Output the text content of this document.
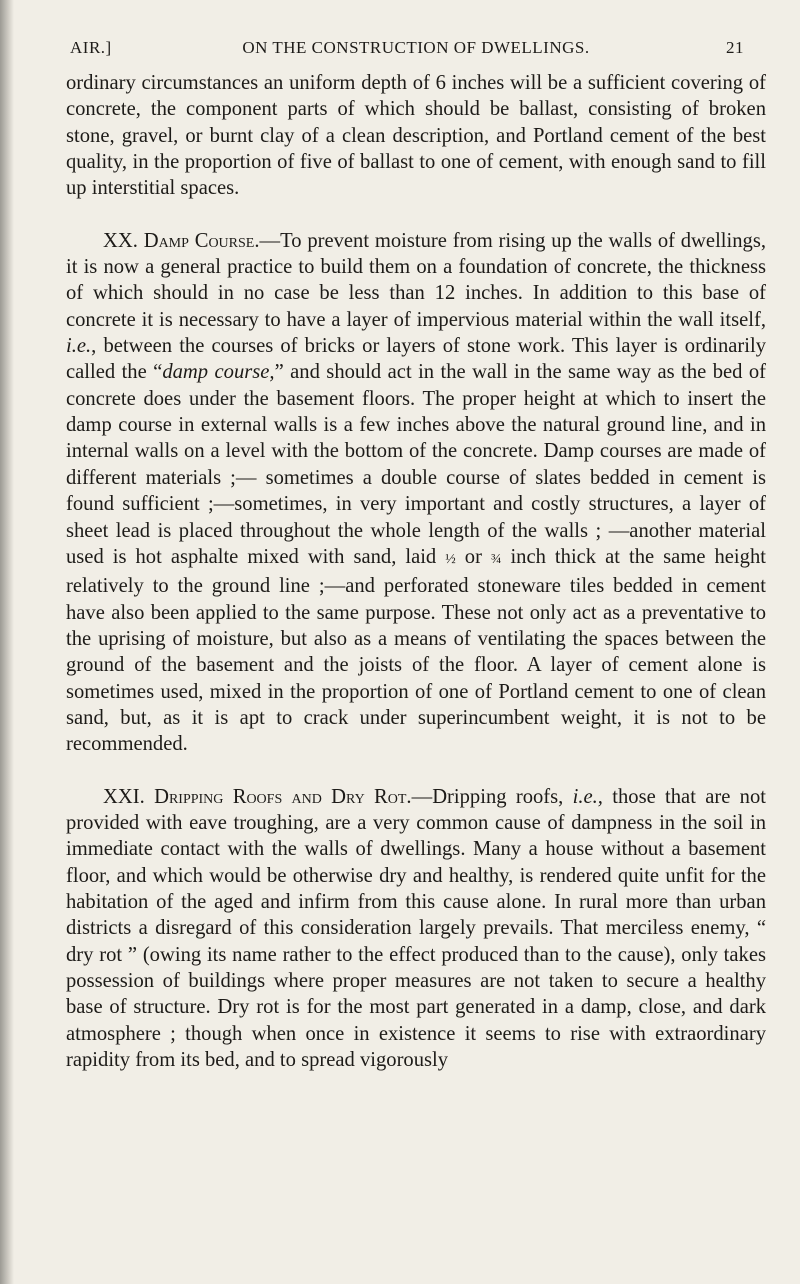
AIR.]	ON THE CONSTRUCTION OF DWELLINGS.	21

ordinary circumstances an uniform depth of 6 inches will be a sufficient covering of concrete, the component parts of which should be ballast, consisting of broken stone, gravel, or burnt clay of a clean description, and Portland cement of the best quality, in the proportion of five of ballast to one of cement, with enough sand to fill up interstitial spaces.

XX. Damp Course.—To prevent moisture from rising up the walls of dwellings, it is now a general practice to build them on a foundation of concrete, the thickness of which should in no case be less than 12 inches. In addition to this base of concrete it is necessary to have a layer of impervious material within the wall itself, i.e., between the courses of bricks or layers of stone work. This layer is ordinarily called the “damp course,” and should act in the wall in the same way as the bed of concrete does under the basement floors. The proper height at which to insert the damp course in external walls is a few inches above the natural ground line, and in internal walls on a level with the bottom of the concrete. Damp courses are made of different materials ;— sometimes a double course of slates bedded in cement is found sufficient ;—sometimes, in very important and costly structures, a layer of sheet lead is placed throughout the whole length of the walls ; —another material used is hot asphalte mixed with sand, laid ½ or ¾ inch thick at the same height relatively to the ground line ;—and perforated stoneware tiles bedded in cement have also been applied to the same purpose. These not only act as a preventative to the uprising of moisture, but also as a means of ventilating the spaces between the ground of the basement and the joists of the floor. A layer of cement alone is sometimes used, mixed in the proportion of one of Portland cement to one of clean sand, but, as it is apt to crack under superincumbent weight, it is not to be recommended.

XXI. Dripping Roofs and Dry Rot.—Dripping roofs, i.e., those that are not provided with eave troughing, are a very common cause of dampness in the soil in immediate contact with the walls of dwellings. Many a house without a basement floor, and which would be otherwise dry and healthy, is rendered quite unfit for the habitation of the aged and infirm from this cause alone. In rural more than urban districts a disregard of this consideration largely prevails. That merciless enemy, “ dry rot ” (owing its name rather to the effect produced than to the cause), only takes possession of buildings where proper measures are not taken to secure a healthy base of structure. Dry rot is for the most part generated in a damp, close, and dark atmosphere ; though when once in existence it seems to rise with extraordinary rapidity from its bed, and to spread vigorously
